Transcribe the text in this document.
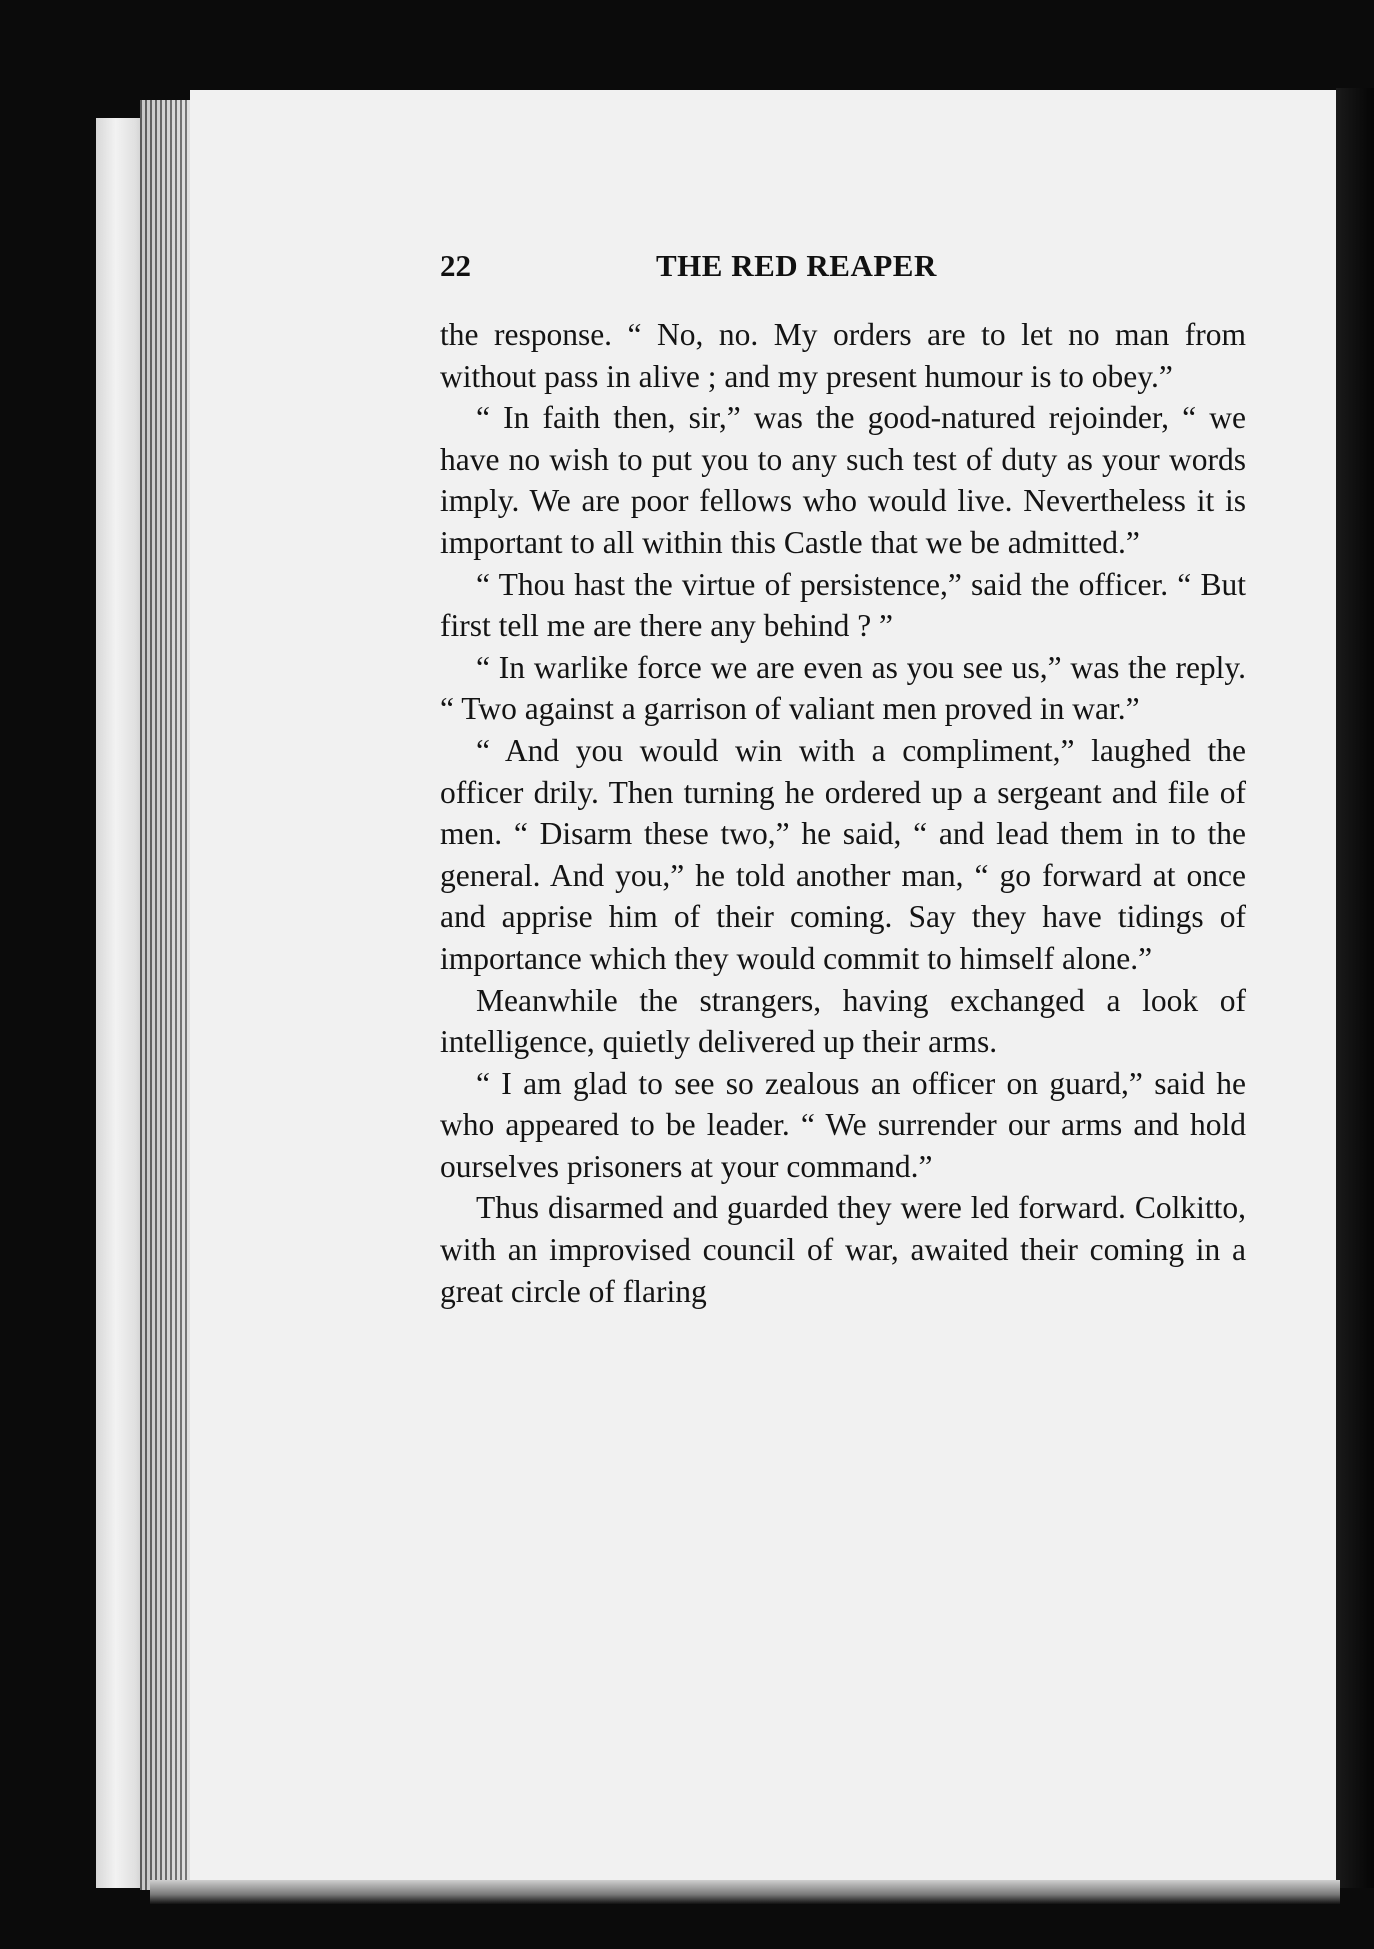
22	THE RED REAPER

the response. “ No, no. My orders are to let no man from without pass in alive ; and my present humour is to obey.”

“ In faith then, sir,” was the good-natured rejoinder, “ we have no wish to put you to any such test of duty as your words imply. We are poor fellows who would live. Nevertheless it is important to all within this Castle that we be admitted.”

“ Thou hast the virtue of persistence,” said the officer. “ But first tell me are there any behind ? ”

“ In warlike force we are even as you see us,” was the reply. “ Two against a garrison of valiant men proved in war.”

“ And you would win with a compliment,” laughed the officer drily. Then turning he ordered up a sergeant and file of men. “ Disarm these two,” he said, “ and lead them in to the general. And you,” he told another man, “ go forward at once and apprise him of their coming. Say they have tidings of importance which they would commit to himself alone.”

Meanwhile the strangers, having exchanged a look of intelligence, quietly delivered up their arms.

“ I am glad to see so zealous an officer on guard,” said he who appeared to be leader. “ We surrender our arms and hold ourselves prisoners at your command.”

Thus disarmed and guarded they were led forward. Colkitto, with an improvised council of war, awaited their coming in a great circle of flaring
